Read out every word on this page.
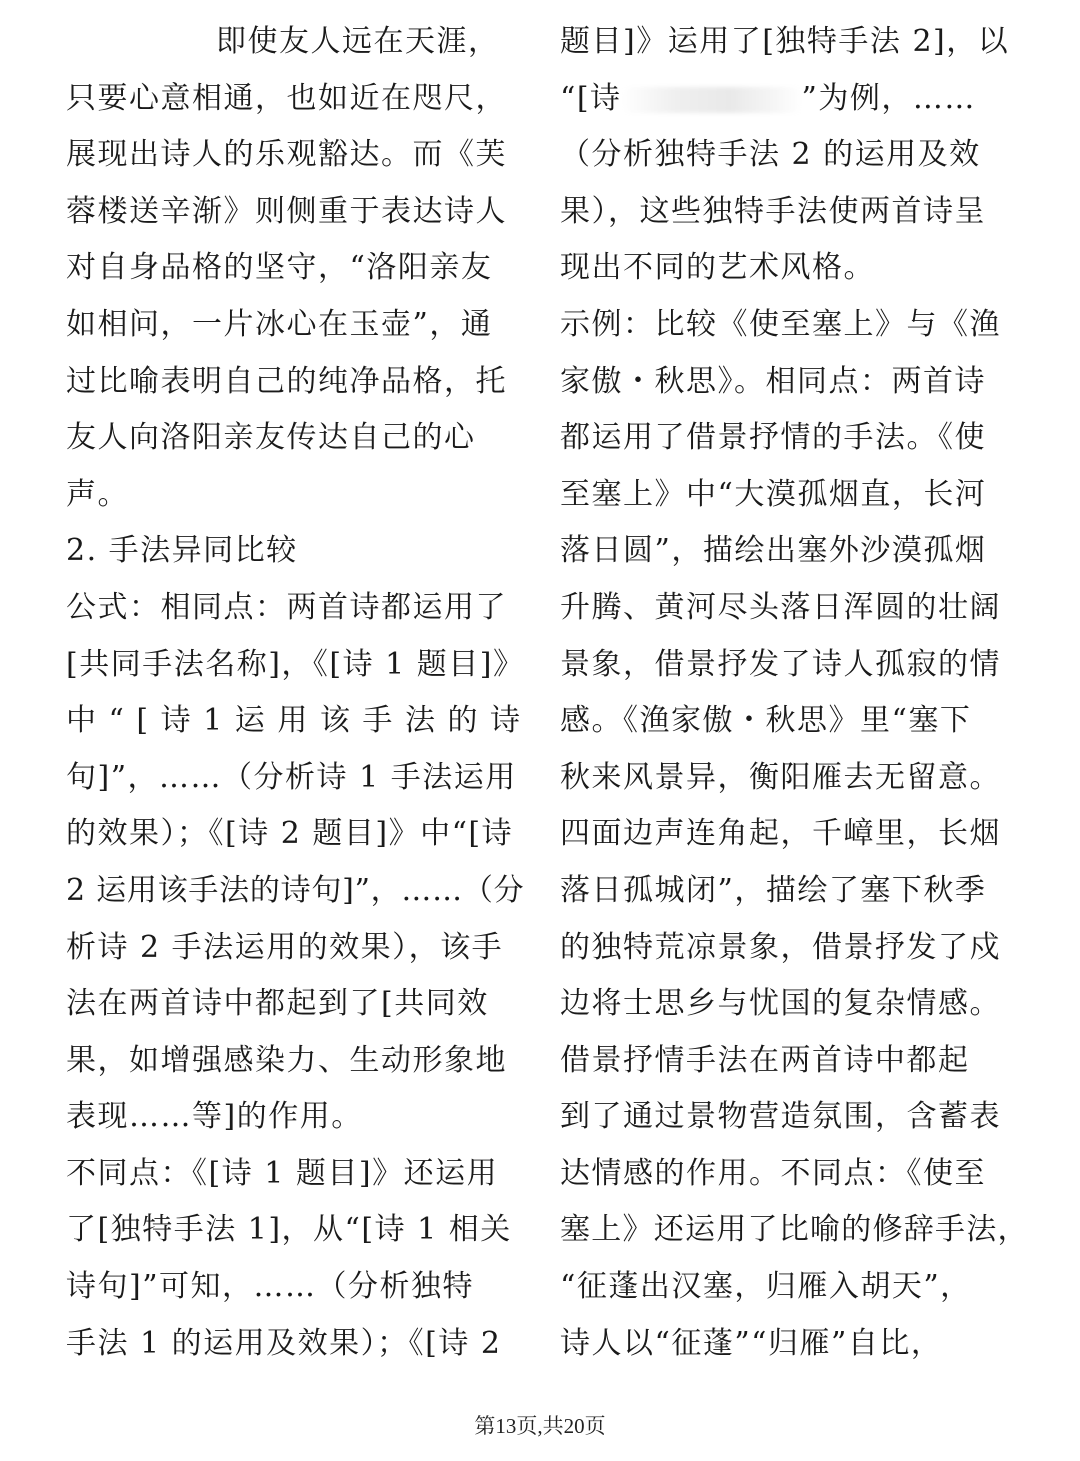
即使友人远在天涯，
只要心意相通，也如近在咫尺，
展现出诗人的乐观豁达。而《芙
蓉楼送辛渐》则侧重于表达诗人
对自身品格的坚守，“洛阳亲友
如相问，一片冰心在玉壶”，通
过比喻表明自己的纯净品格，托
友人向洛阳亲友传达自己的心
声。
2. 手法异同比较
公式：相同点：两首诗都运用了
[共同手法名称]，《[诗 1 题目]》
中 “ [ 诗 1 运 用 该 手 法 的 诗
句]”，……（分析诗 1 手法运用
的效果）；《[诗 2 题目]》中“[诗
2 运用该手法的诗句]”，……（分
析诗 2 手法运用的效果），该手
法在两首诗中都起到了[共同效
果，如增强感染力、生动形象地
表现……等]的作用。
不同点：《[诗 1 题目]》还运用
了[独特手法 1]，从“[诗 1 相关
诗句]”可知，……（分析独特
手法 1 的运用及效果）；《[诗 2
题目]》运用了[独特手法 2]，以
“[诗	”为例，……
（分析独特手法 2 的运用及效
果），这些独特手法使两首诗呈
现出不同的艺术风格。
示例：比较《使至塞上》与《渔
家傲・秋思》。相同点：两首诗
都运用了借景抒情的手法。《使
至塞上》中“大漠孤烟直，长河
落日圆”，描绘出塞外沙漠孤烟
升腾、黄河尽头落日浑圆的壮阔
景象，借景抒发了诗人孤寂的情
感。《渔家傲・秋思》里“塞下
秋来风景异，衡阳雁去无留意。
四面边声连角起，千嶂里，长烟
落日孤城闭”，描绘了塞下秋季
的独特荒凉景象，借景抒发了戍
边将士思乡与忧国的复杂情感。
借景抒情手法在两首诗中都起
到了通过景物营造氛围，含蓄表
达情感的作用。不同点：《使至
塞上》还运用了比喻的修辞手法，
“征蓬出汉塞，归雁入胡天”，
诗人以“征蓬”“归雁”自比，
第13页,共20页
